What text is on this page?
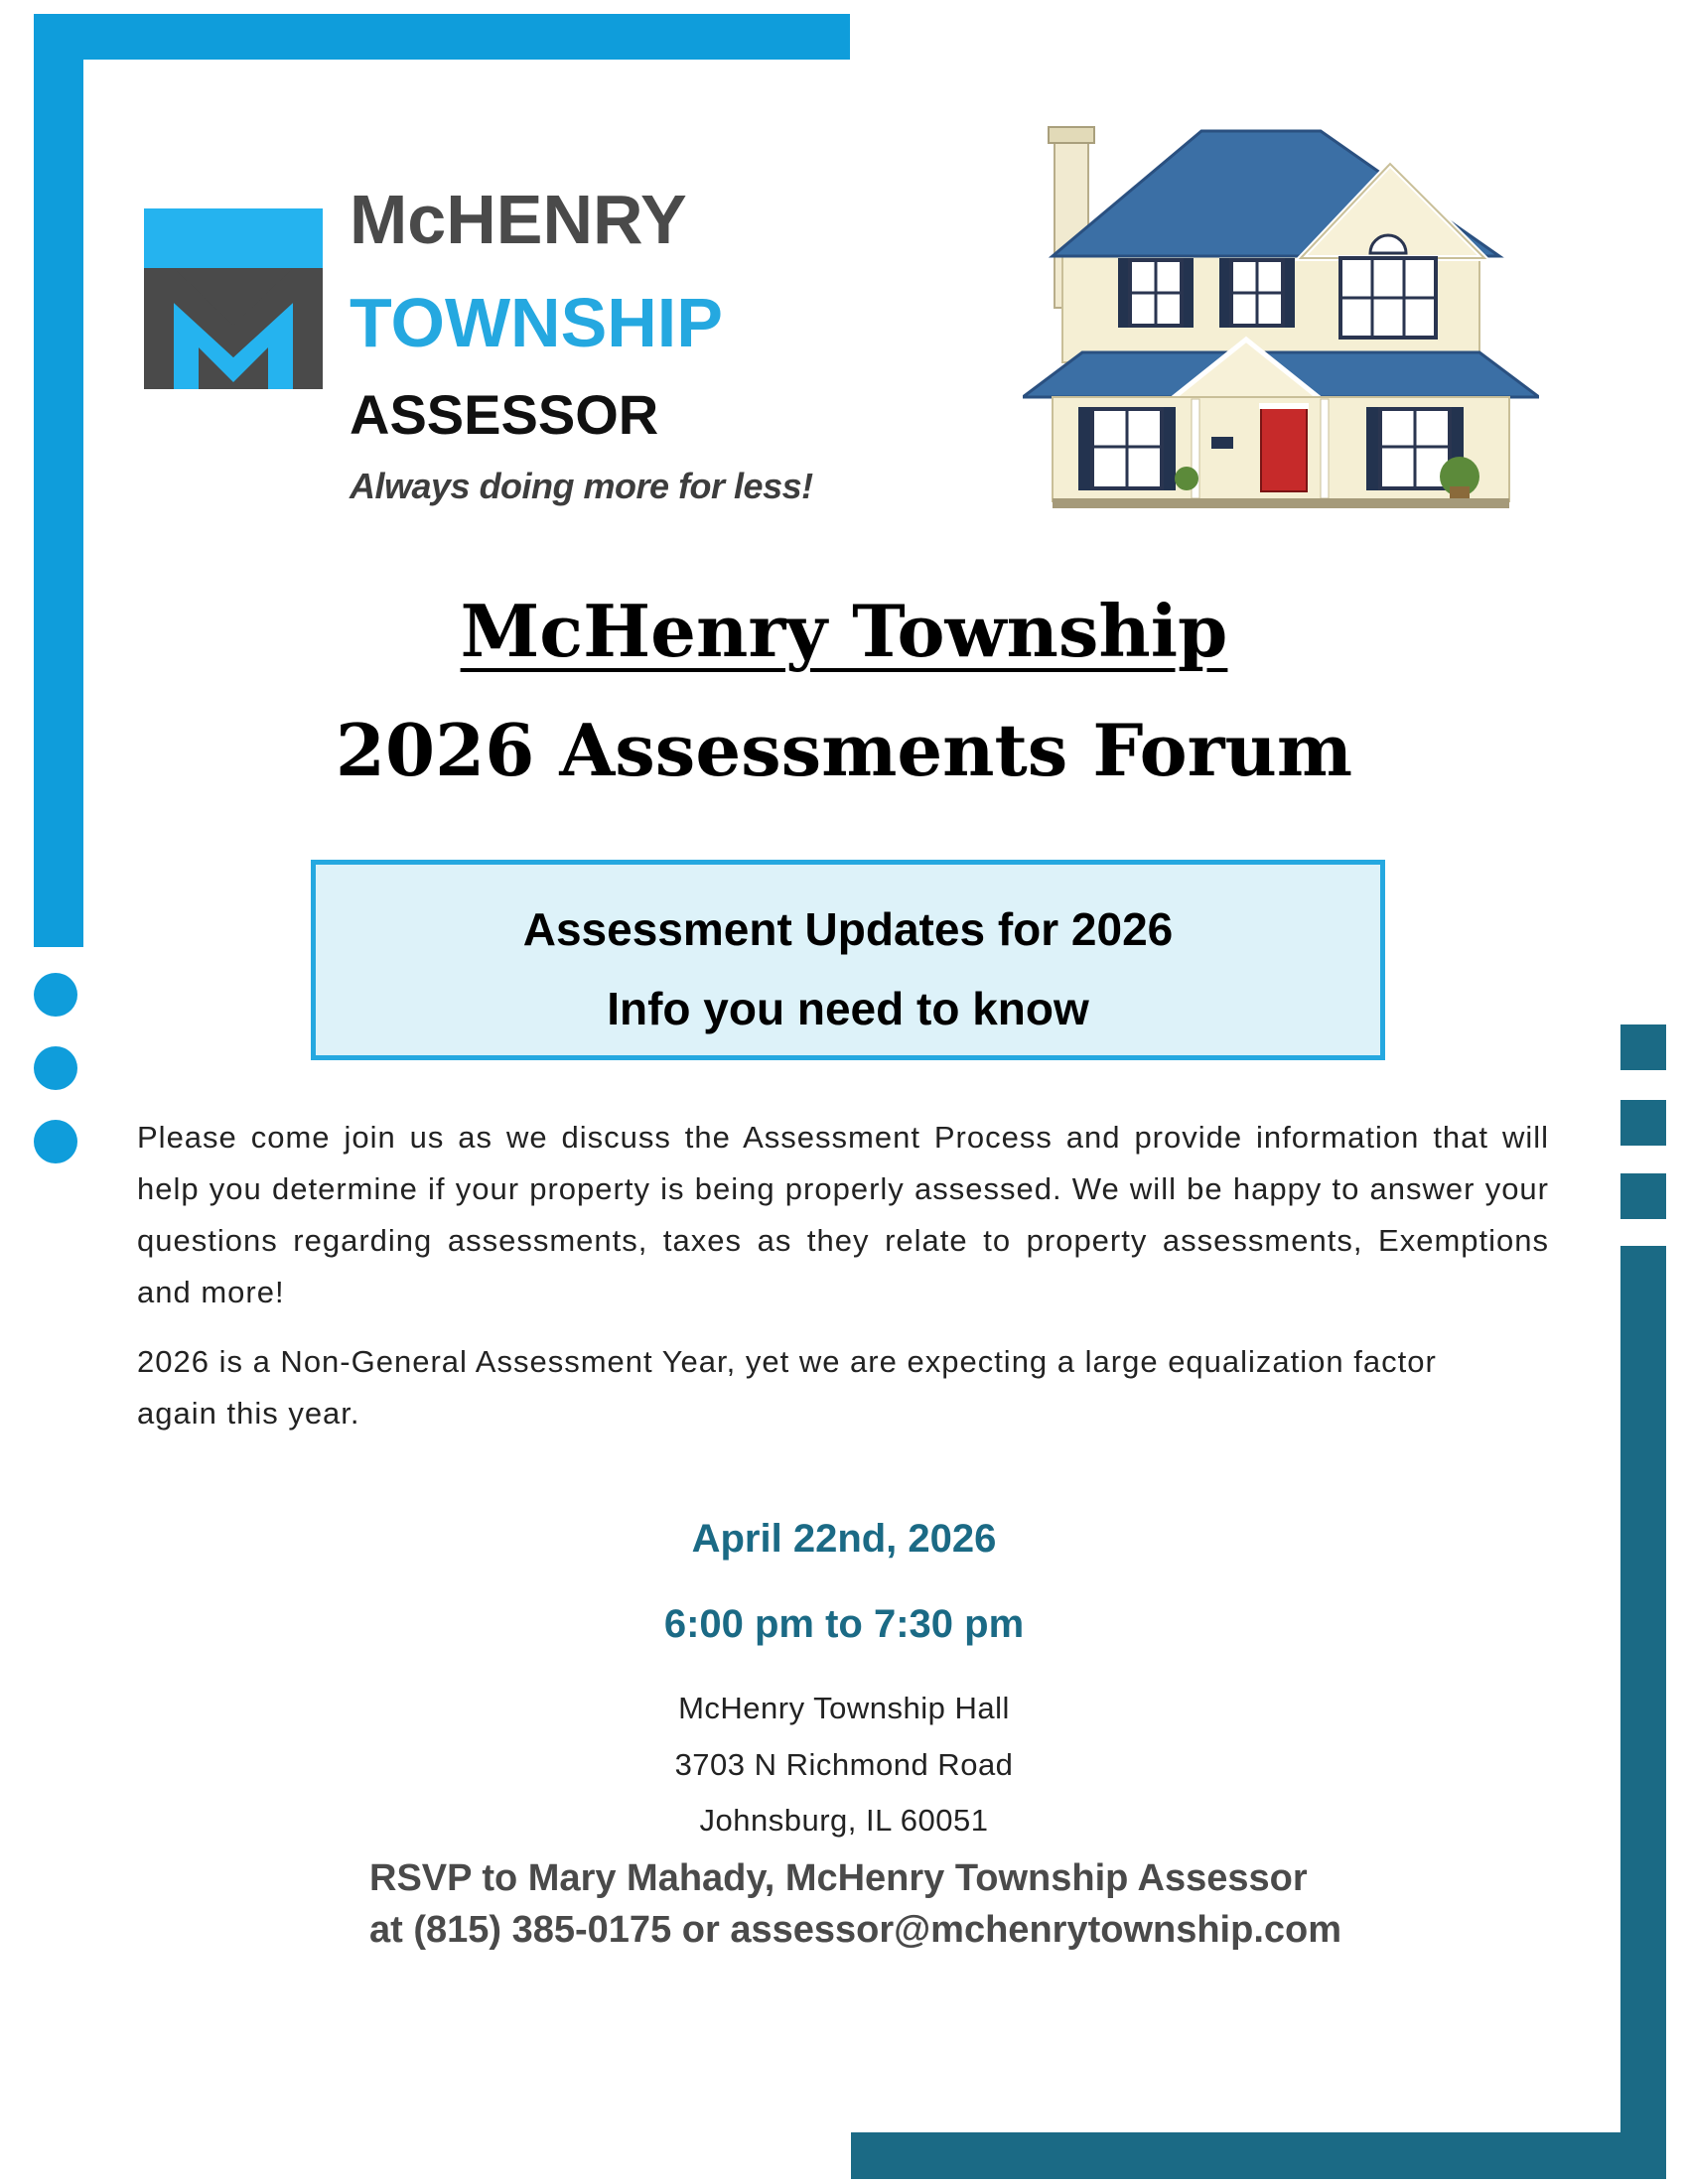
McHENRY
TOWNSHIP
ASSESSOR
Always doing more for less!
McHenry Township
2026 Assessments Forum
Assessment Updates for 2026
Info you need to know
Please come join us as we discuss the Assessment Process and provide information that will help you determine if your property is being properly assessed. We will be happy to answer your questions regarding assessments, taxes as they relate to property assessments, Exemptions and more!
2026 is a Non-General Assessment Year, yet we are expecting a large equalization factor again this year.
April 22nd, 2026
6:00 pm to 7:30 pm
McHenry Township Hall
3703 N Richmond Road
Johnsburg, IL 60051
RSVP to Mary Mahady, McHenry Township Assessor
at (815) 385-0175 or assessor@mchenrytownship.com
